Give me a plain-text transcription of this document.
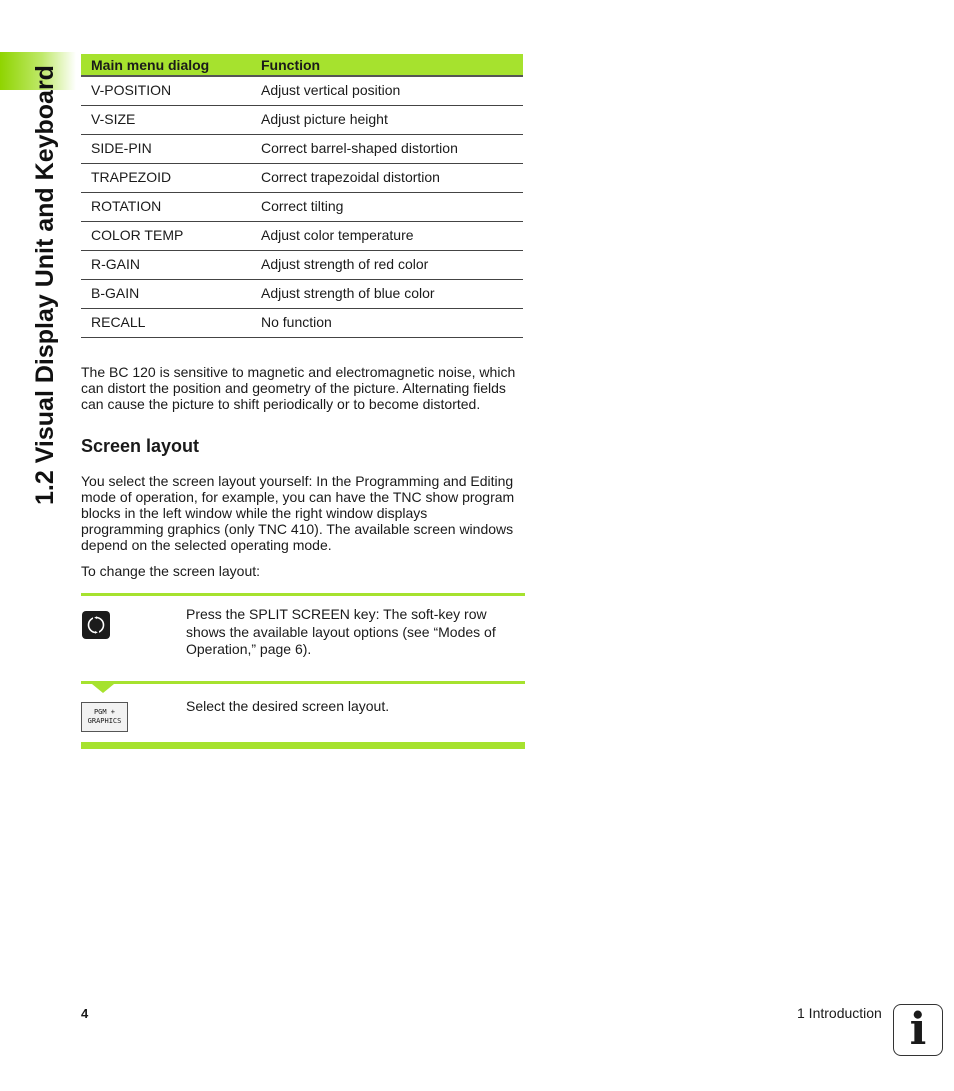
1.2 Visual Display Unit and Keyboard
Main menu dialog	Function
V-POSITION	Adjust vertical position
V-SIZE	Adjust picture height
SIDE-PIN	Correct barrel-shaped distortion
TRAPEZOID	Correct trapezoidal distortion
ROTATION	Correct tilting
COLOR TEMP	Adjust color temperature
R-GAIN	Adjust strength of red color
B-GAIN	Adjust strength of blue color
RECALL	No function
The BC 120 is sensitive to magnetic and electromagnetic noise, which
can distort the position and geometry of the picture. Alternating fields
can cause the picture to shift periodically or to become distorted.
Screen layout
You select the screen layout yourself: In the Programming and Editing
mode of operation, for example, you can have the TNC show program
blocks in the left window while the right window displays
programming graphics (only TNC 410). The available screen windows
depend on the selected operating mode.
To change the screen layout:
Press the SPLIT SCREEN key: The soft-key row
shows the available layout options (see “Modes of
Operation,” page 6).
PGM +
GRAPHICS
Select the desired screen layout.
4	1 Introduction i
